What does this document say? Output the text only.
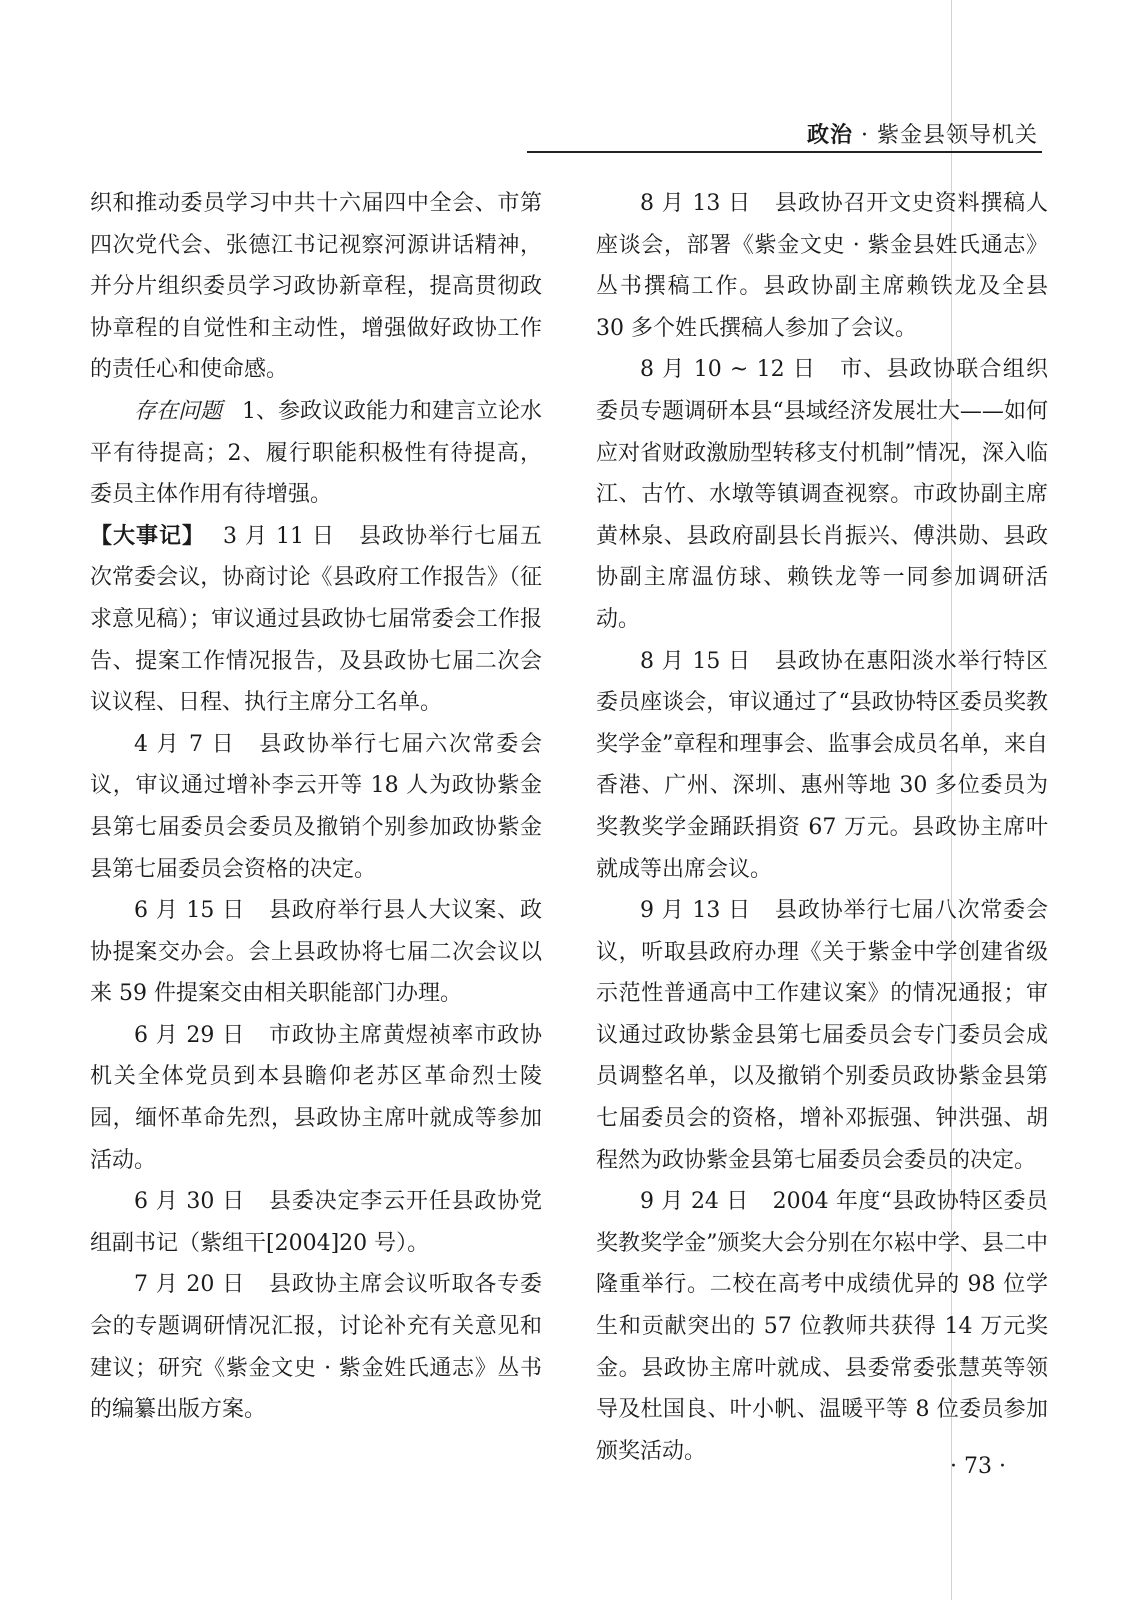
政治 · 紫金县领导机关

织和推动委员学习中共十六届四中全会、市第四次党代会、张德江书记视察河源讲话精神，并分片组织委员学习政协新章程，提高贯彻政协章程的自觉性和主动性，增强做好政协工作的责任心和使命感。

存在问题 1、参政议政能力和建言立论水平有待提高；2、履行职能积极性有待提高，委员主体作用有待增强。

【大事记】 3 月 11 日 县政协举行七届五次常委会议，协商讨论《县政府工作报告》（征求意见稿）；审议通过县政协七届常委会工作报告、提案工作情况报告，及县政协七届二次会议议程、日程、执行主席分工名单。

4 月 7 日 县政协举行七届六次常委会议，审议通过增补李云开等 18 人为政协紫金县第七届委员会委员及撤销个别参加政协紫金县第七届委员会资格的决定。

6 月 15 日 县政府举行县人大议案、政协提案交办会。会上县政协将七届二次会议以来 59 件提案交由相关职能部门办理。

6 月 29 日 市政协主席黄煜祯率市政协机关全体党员到本县瞻仰老苏区革命烈士陵园，缅怀革命先烈，县政协主席叶就成等参加活动。

6 月 30 日 县委决定李云开任县政协党组副书记（紫组干[2004]20 号）。

7 月 20 日 县政协主席会议听取各专委会的专题调研情况汇报，讨论补充有关意见和建议；研究《紫金文史 · 紫金姓氏通志》丛书的编纂出版方案。

8 月 13 日 县政协召开文史资料撰稿人座谈会，部署《紫金文史 · 紫金县姓氏通志》丛书撰稿工作。县政协副主席赖铁龙及全县 30 多个姓氏撰稿人参加了会议。

8 月 10 ~ 12 日 市、县政协联合组织委员专题调研本县“县域经济发展壮大——如何应对省财政激励型转移支付机制”情况，深入临江、古竹、水墩等镇调查视察。市政协副主席黄林泉、县政府副县长肖振兴、傅洪勋、县政协副主席温仿球、赖铁龙等一同参加调研活动。

8 月 15 日 县政协在惠阳淡水举行特区委员座谈会，审议通过了“县政协特区委员奖教奖学金”章程和理事会、监事会成员名单，来自香港、广州、深圳、惠州等地 30 多位委员为奖教奖学金踊跃捐资 67 万元。县政协主席叶就成等出席会议。

9 月 13 日 县政协举行七届八次常委会议，听取县政府办理《关于紫金中学创建省级示范性普通高中工作建议案》的情况通报；审议通过政协紫金县第七届委员会专门委员会成员调整名单，以及撤销个别委员政协紫金县第七届委员会的资格，增补邓振强、钟洪强、胡程然为政协紫金县第七届委员会委员的决定。

9 月 24 日 2004 年度“县政协特区委员奖教奖学金”颁奖大会分别在尔崧中学、县二中隆重举行。二校在高考中成绩优异的 98 位学生和贡献突出的 57 位教师共获得 14 万元奖金。县政协主席叶就成、县委常委张慧英等领导及杜国良、叶小帆、温暖平等 8 位委员参加颁奖活动。

· 73 ·
